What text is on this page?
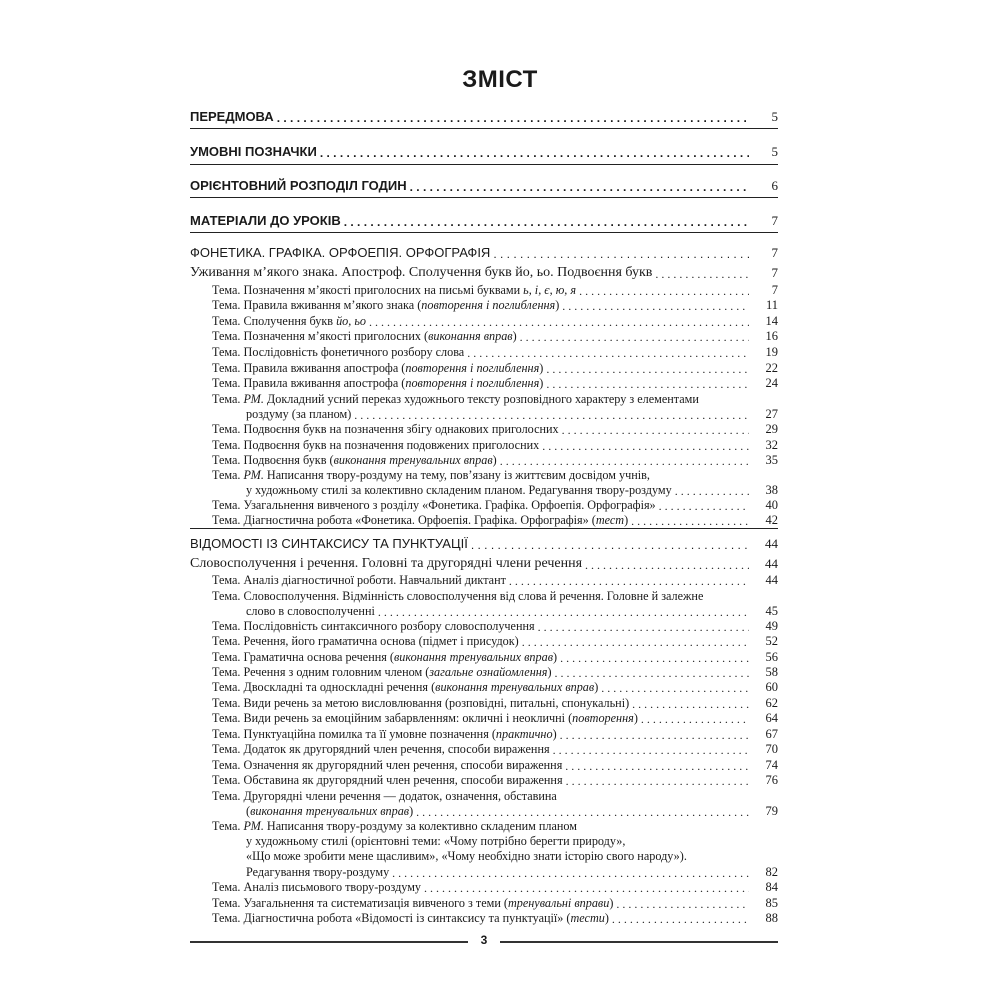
ЗМІСТ
ПЕРЕДМОВА . . .	5
УМОВНІ ПОЗНАЧКИ . . .	5
ОРІЄНТОВНИЙ РОЗПОДІЛ ГОДИН . . .	6
МАТЕРІАЛИ ДО УРОКІВ . . .	7
ФОНЕТИКА. ГРАФІКА. ОРФОЕПІЯ. ОРФОГРАФІЯ . . .	7
Уживання м’якого знака. Апостроф. Сполучення букв йо, ьо. Подвоєння букв . . .	7
Тема. Позначення м’якості приголосних на письмі буквами ь, і, є, ю, я . . .	7
Тема. Правила вживання м’якого знака (повторення і поглиблення) . . .	11
Тема. Сполучення букв йо, ьо . . .	14
Тема. Позначення м’якості приголосних (виконання вправ) . . .	16
Тема. Послідовність фонетичного розбору слова . . .	19
Тема. Правила вживання апострофа (повторення і поглиблення) . . .	22
Тема. Правила вживання апострофа (повторення і поглиблення) . . .	24
Тема. РМ. Докладний усний переказ художнього тексту розповідного характеру з елементами
роздуму (за планом) . . .	27
Тема. Подвоєння букв на позначення збігу однакових приголосних . . .	29
Тема. Подвоєння букв на позначення подовжених приголосних . . .	32
Тема. Подвоєння букв (виконання тренувальних вправ) . . .	35
Тема. РМ. Написання твору-роздуму на тему, пов’язану із життєвим досвідом учнів,
у художньому стилі за колективно складеним планом. Редагування твору-роздуму . . .	38
Тема. Узагальнення вивченого з розділу «Фонетика. Графіка. Орфоепія. Орфографія» . . .	40
Тема. Діагностична робота «Фонетика. Орфоепія. Графіка. Орфографія» (тест) . . .	42
ВІДОМОСТІ ІЗ СИНТАКСИСУ ТА ПУНКТУАЦІЇ . . .	44
Словосполучення і речення. Головні та другорядні члени речення . . .	44
Тема. Аналіз діагностичної роботи. Навчальний диктант . . .	44
Тема. Словосполучення. Відмінність словосполучення від слова й речення. Головне й залежне
слово в словосполученні . . .	45
Тема. Послідовність синтаксичного розбору словосполучення . . .	49
Тема. Речення, його граматична основа (підмет і присудок) . . .	52
Тема. Граматична основа речення (виконання тренувальних вправ) . . .	56
Тема. Речення з одним головним членом (загальне ознайомлення) . . .	58
Тема. Двоскладні та односкладні речення (виконання тренувальних вправ) . . .	60
Тема. Види речень за метою висловлювання (розповідні, питальні, спонукальні) . . .	62
Тема. Види речень за емоційним забарвленням: окличні і неокличні (повторення) . . .	64
Тема. Пунктуаційна помилка та її умовне позначення (практично) . . .	67
Тема. Додаток як другорядний член речення, способи вираження . . .	70
Тема. Означення як другорядний член речення, способи вираження . . .	74
Тема. Обставина як другорядний член речення, способи вираження . . .	76
Тема. Другорядні члени речення — додаток, означення, обставина
(виконання тренувальних вправ) . . .	79
Тема. РМ. Написання твору-роздуму за колективно складеним планом
у художньому стилі (орієнтовні теми: «Чому потрібно берегти природу»,
«Що може зробити мене щасливим», «Чому необхідно знати історію свого народу»).
Редагування твору-роздуму . . .	82
Тема. Аналіз письмового твору-роздуму . . .	84
Тема. Узагальнення та систематизація вивченого з теми (тренувальні вправи) . . .	85
Тема. Діагностична робота «Відомості із синтаксису та пунктуації» (тести) . . .	88
3
